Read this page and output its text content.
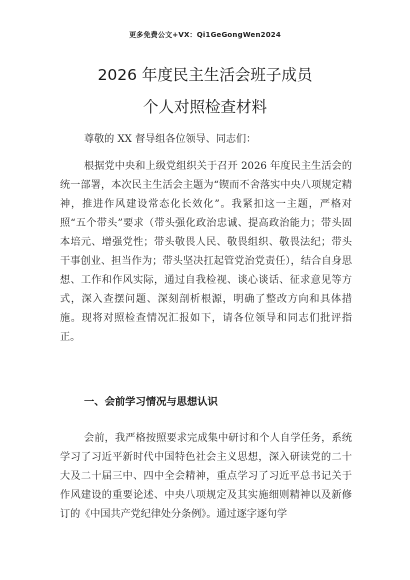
更多免费公文+VX：Qi1GeGongWen2024
2026 年度民主生活会班子成员
个人对照检查材料
尊敬的 XX 督导组各位领导、同志们：
根据党中央和上级党组织关于召开 2026 年度民主生活会的统一部署，本次民主生活会主题为“锲而不舍落实中央八项规定精神，推进作风建设常态化长效化”。我紧扣这一主题，严格对照“五个带头”要求（带头强化政治忠诚、提高政治能力；带头固本培元、增强党性；带头敬畏人民、敬畏组织、敬畏法纪；带头干事创业、担当作为；带头坚决扛起管党治党责任），结合自身思想、工作和作风实际，通过自我检视、谈心谈话、征求意见等方式，深入查摆问题、深刻剖析根源，明确了整改方向和具体措施。现将对照检查情况汇报如下，请各位领导和同志们批评指正。
一、会前学习情况与思想认识
会前，我严格按照要求完成集中研讨和个人自学任务，系统学习了习近平新时代中国特色社会主义思想，深入研读党的二十大及二十届三中、四中全会精神，重点学习了习近平总书记关于作风建设的重要论述、中央八项规定及其实施细则精神以及新修订的《中国共产党纪律处分条例》。通过逐字逐句学
